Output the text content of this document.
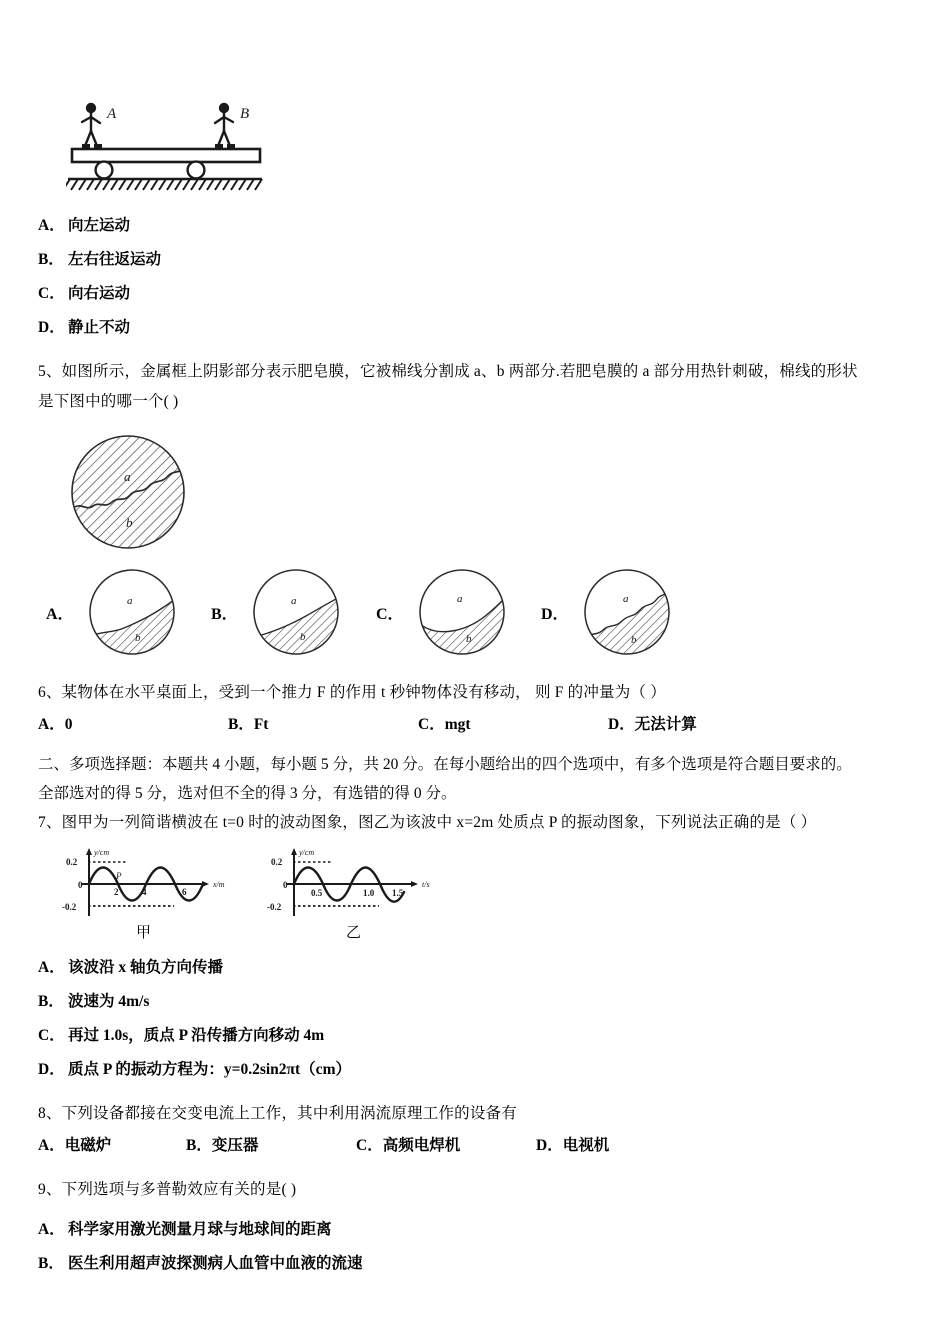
A	B
A． 向左运动
B． 左右往返运动
C． 向右运动
D． 静止不动

5、如图所示，金属框上阴影部分表示肥皂膜，它被棉线分割成 a、b 两部分.若肥皂膜的 a 部分用热针刺破，棉线的形状

是下图中的哪一个( )

a
b
A．
a
b
B．
a
b
C．
a
b
D．
a
b

6、某物体在水平桌面上，受到一个推力 F 的作用 t 秒钟物体没有移动， 则 F 的冲量为（ ）

A．0	B．Ft	C．mgt	D．无法计算

二、多项选择题：本题共 4 小题，每小题 5 分，共 20 分。在每小题给出的四个选项中，有多个选项是符合题目要求的。

全部选对的得 5 分，选对但不全的得 3 分，有选错的得 0 分。

7、图甲为一列简谐横波在 t=0 时的波动图象，图乙为该波中 x=2m 处质点 P 的振动图象，下列说法正确的是（ ）

y/cm
x/m
0.2
0
-0.2
2	4	6
P
甲
y/cm
t/s
0.2
0
-0.2
0.5	1.0 1.5
乙
A． 该波沿 x 轴负方向传播
B． 波速为 4m/s
C． 再过 1.0s，质点 P 沿传播方向移动 4m
D． 质点 P 的振动方程为：y=0.2sin2πt（cm）

8、下列设备都接在交变电流上工作，其中利用涡流原理工作的设备有

A．电磁炉	B．变压器	C．高频电焊机	D．电视机

9、下列选项与多普勒效应有关的是( )

A． 科学家用激光测量月球与地球间的距离
B． 医生利用超声波探测病人血管中血液的流速
